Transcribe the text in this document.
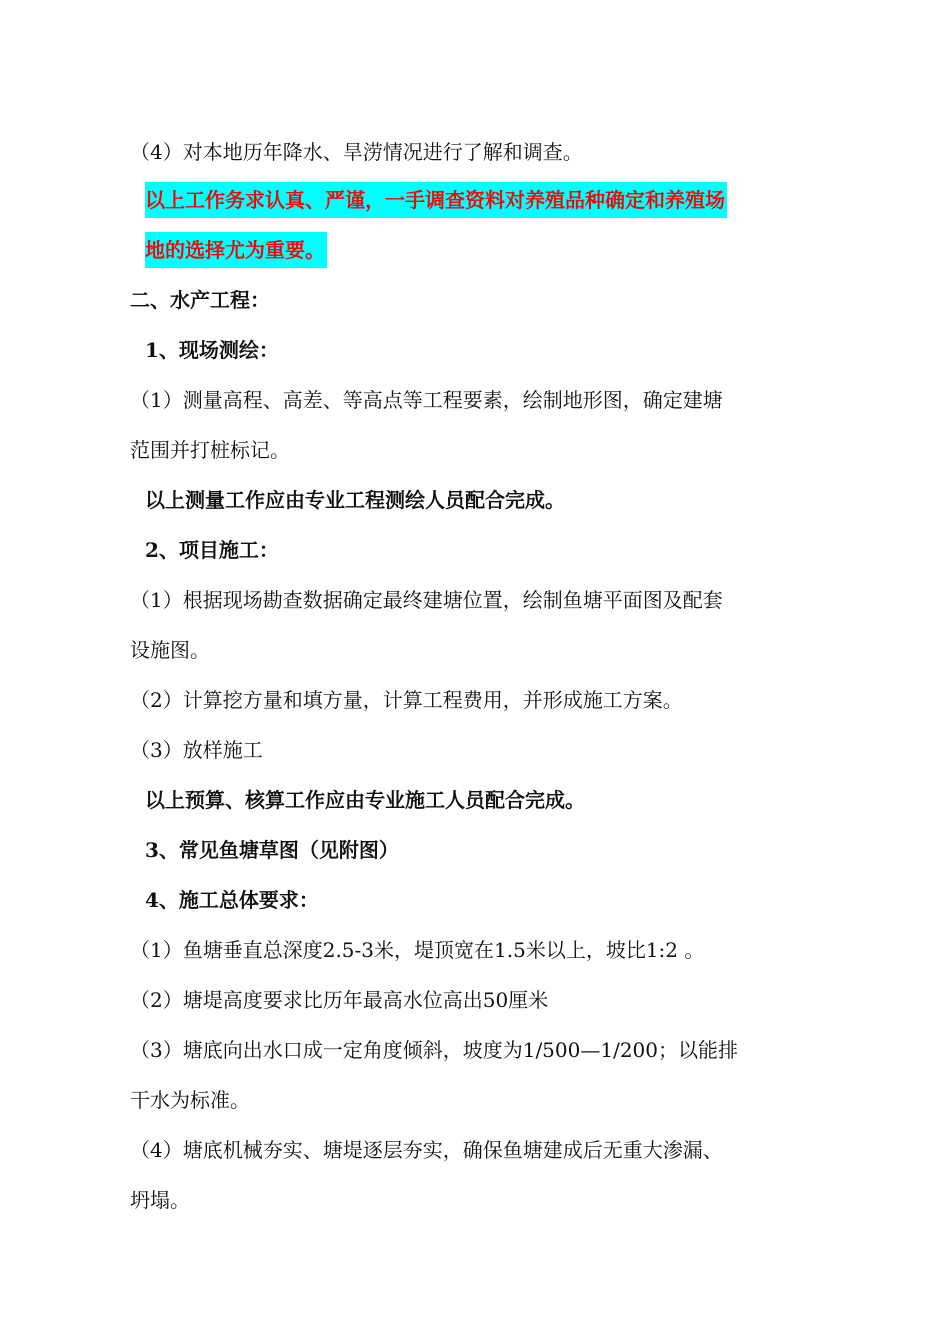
（4）对本地历年降水、旱涝情况进行了解和调查。
以上工作务求认真、严谨，一手调查资料对养殖品种确定和养殖场
地的选择尤为重要。
二、水产工程：
1、现场测绘：
（1）测量高程、高差、等高点等工程要素，绘制地形图，确定建塘
范围并打桩标记。
以上测量工作应由专业工程测绘人员配合完成。
2、项目施工：
（1）根据现场勘查数据确定最终建塘位置，绘制鱼塘平面图及配套
设施图。
（2）计算挖方量和填方量，计算工程费用，并形成施工方案。
（3）放样施工
以上预算、核算工作应由专业施工人员配合完成。
3、常见鱼塘草图（见附图）
4、施工总体要求：
（1）鱼塘垂直总深度2.5-3米，堤顶宽在1.5米以上，坡比1:2 。
（2）塘堤高度要求比历年最高水位高出50厘米
（3）塘底向出水口成一定角度倾斜，坡度为1/500—1/200；以能排
干水为标准。
（4）塘底机械夯实、塘堤逐层夯实，确保鱼塘建成后无重大渗漏、
坍塌。
